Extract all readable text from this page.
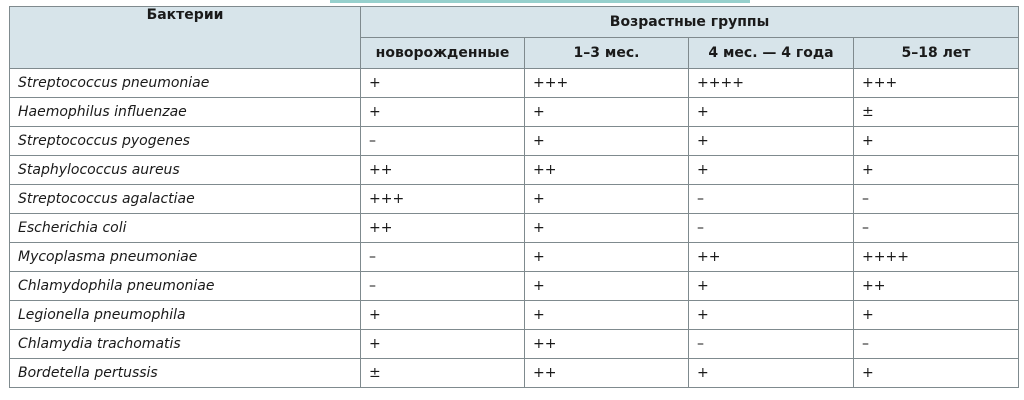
Бактерии	Возрастные группы			
	новорожденные	1–3 мес.	4 мес. — 4 года	5–18 лет
Streptococcus pneumoniae	+	+++	++++	+++
Haemophilus influenzae	+	+	+	±
Streptococcus pyogenes	–	+	+	+
Staphylococcus aureus	++	++	+	+
Streptococcus agalactiae	+++	+	–	–
Escherichia coli	++	+	–	–
Mycoplasma pneumoniae	–	+	++	++++
Chlamydophila pneumoniae	–	+	+	++
Legionella pneumophila	+	+	+	+
Chlamydia trachomatis	+	++	–	–
Bordetella pertussis	±	++	+	+
